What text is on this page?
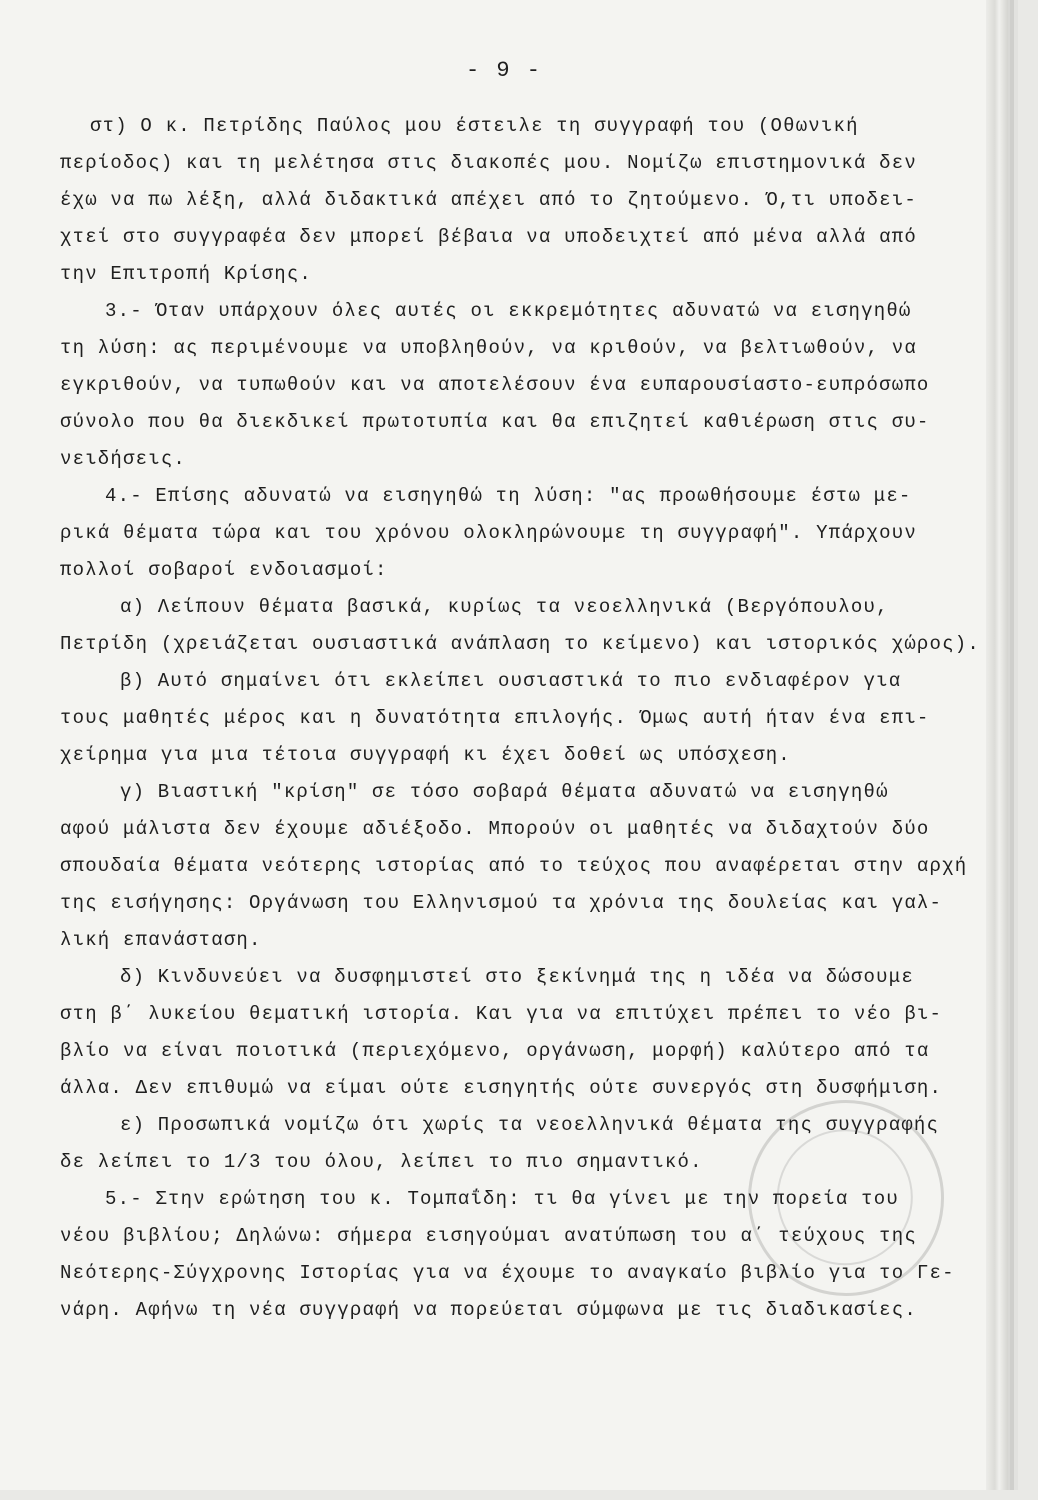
- 9 -
στ) Ο κ. Πετρίδης Παύλος μου έστειλε τη συγγραφή του (Οθωνική
περίοδος) και τη μελέτησα στις διακοπές μου. Νομίζω επιστημονικά δεν
έχω να πω λέξη, αλλά διδακτικά απέχει από το ζητούμενο. Ό,τι υποδει-
χτεί στο συγγραφέα δεν μπορεί βέβαια να υποδειχτεί από μένα αλλά από
την Επιτροπή Κρίσης.
3.- Όταν υπάρχουν όλες αυτές οι εκκρεμότητες αδυνατώ να εισηγηθώ
τη λύση: ας περιμένουμε να υποβληθούν, να κριθούν, να βελτιωθούν, να
εγκριθούν, να τυπωθούν και να αποτελέσουν ένα ευπαρουσίαστο-ευπρόσωπο
σύνολο που θα διεκδικεί πρωτοτυπία και θα επιζητεί καθιέρωση στις συ-
νειδήσεις.
4.- Επίσης αδυνατώ να εισηγηθώ τη λύση: "ας προωθήσουμε έστω με-
ρικά θέματα τώρα και του χρόνου ολοκληρώνουμε τη συγγραφή". Υπάρχουν
πολλοί σοβαροί ενδοιασμοί:
α) Λείπουν θέματα βασικά, κυρίως τα νεοελληνικά (Βεργόπουλου,
Πετρίδη (χρειάζεται ουσιαστικά ανάπλαση το κείμενο) και ιστορικός χώρος).
β) Αυτό σημαίνει ότι εκλείπει ουσιαστικά το πιο ενδιαφέρον για
τους μαθητές μέρος και η δυνατότητα επιλογής. Όμως αυτή ήταν ένα επι-
χείρημα για μια τέτοια συγγραφή κι έχει δοθεί ως υπόσχεση.
γ) Βιαστική "κρίση" σε τόσο σοβαρά θέματα αδυνατώ να εισηγηθώ
αφού μάλιστα δεν έχουμε αδιέξοδο. Μπορούν οι μαθητές να διδαχτούν δύο
σπουδαία θέματα νεότερης ιστορίας από το τεύχος που αναφέρεται στην αρχή
της εισήγησης: Οργάνωση του Ελληνισμού τα χρόνια της δουλείας και γαλ-
λική επανάσταση.
δ) Κινδυνεύει να δυσφημιστεί στο ξεκίνημά της η ιδέα να δώσουμε
στη β΄ λυκείου θεματική ιστορία. Και για να επιτύχει πρέπει το νέο βι-
βλίο να είναι ποιοτικά (περιεχόμενο, οργάνωση, μορφή) καλύτερο από τα
άλλα. Δεν επιθυμώ να είμαι ούτε εισηγητής ούτε συνεργός στη δυσφήμιση.
ε) Προσωπικά νομίζω ότι χωρίς τα νεοελληνικά θέματα της συγγραφής
δε λείπει το 1/3 του όλου, λείπει το πιο σημαντικό.
5.- Στην ερώτηση του κ. Τομπαΐδη: τι θα γίνει με την πορεία του
νέου βιβλίου; Δηλώνω: σήμερα εισηγούμαι ανατύπωση του α΄ τεύχους της
Νεότερης-Σύγχρονης Ιστορίας για να έχουμε το αναγκαίο βιβλίο για το Γε-
νάρη. Αφήνω τη νέα συγγραφή να πορεύεται σύμφωνα με τις διαδικασίες.
